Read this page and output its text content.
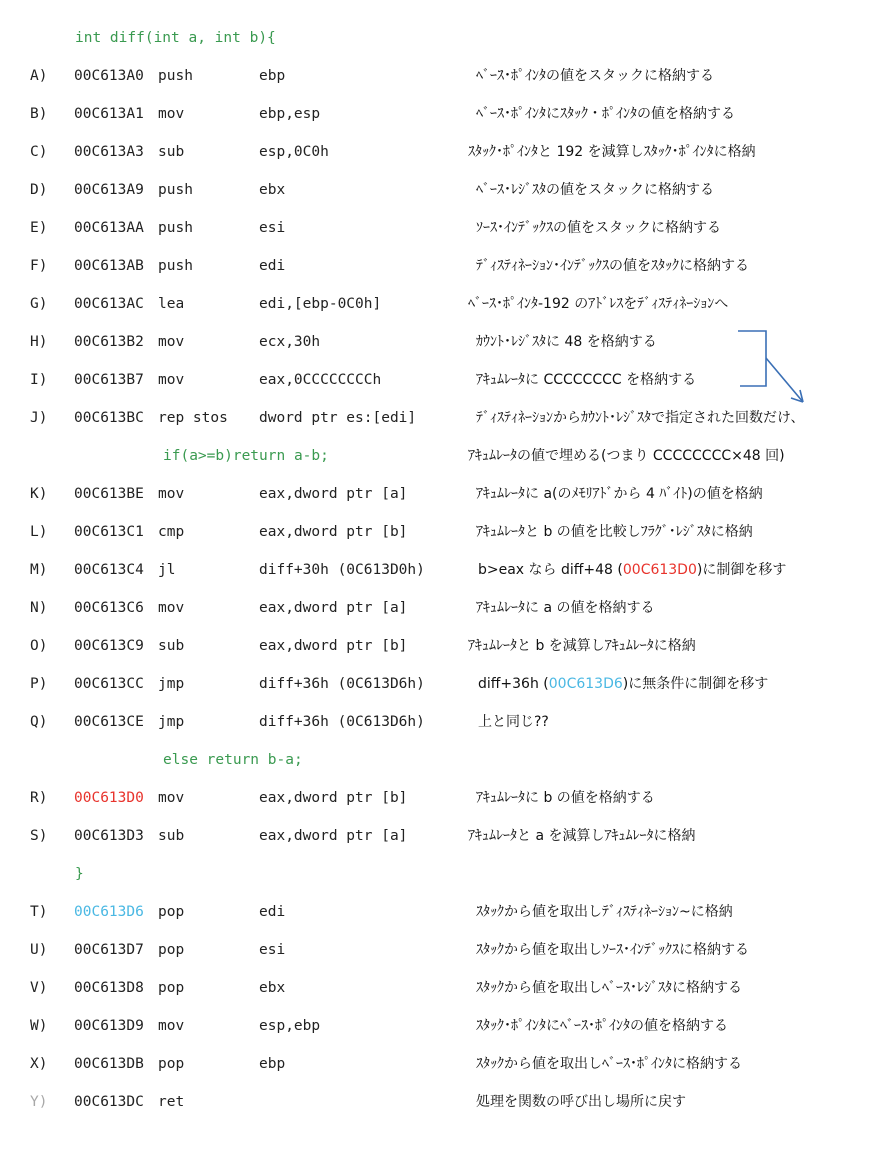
int diff(int a, int b){
A) 00C613A0 push	ebp	ﾍﾞｰｽ･ﾎﾟｲﾝﾀの値をスタックに格納する
B) 00C613A1 mov	ebp,esp	ﾍﾞｰｽ･ﾎﾟｲﾝﾀにｽﾀｯｸ・ﾎﾟｲﾝﾀの値を格納する
C) 00C613A3 sub	esp,0C0h	ｽﾀｯｸ･ﾎﾟｲﾝﾀと 192 を減算しｽﾀｯｸ･ﾎﾟｲﾝﾀに格納
D) 00C613A9 push	ebx	ﾍﾞｰｽ･ﾚｼﾞｽﾀの値をスタックに格納する
E) 00C613AA push	esi	ｿｰｽ･ｲﾝﾃﾞｯｸｽの値をスタックに格納する
F) 00C613AB push	edi	ﾃﾞｨｽﾃｨﾈｰｼｮﾝ･ｲﾝﾃﾞｯｸｽの値をｽﾀｯｸに格納する
G) 00C613AC lea	edi,[ebp-0C0h]	ﾍﾞｰｽ･ﾎﾟｲﾝﾀ-192 のｱﾄﾞﾚｽをﾃﾞｨｽﾃｨﾈｰｼｮﾝへ
H) 00C613B2 mov	ecx,30h	ｶｳﾝﾄ･ﾚｼﾞｽﾀに 48 を格納する
I) 00C613B7 mov	eax,0CCCCCCCCh	ｱｷｭﾑﾚｰﾀに CCCCCCCC を格納する
J) 00C613BC rep stos dword ptr es:[edi]	ﾃﾞｨｽﾃｨﾈｰｼｮﾝからｶｳﾝﾄ･ﾚｼﾞｽﾀで指定された回数だけ、
if(a>=b)return a-b;	ｱｷｭﾑﾚｰﾀの値で埋める(つまり CCCCCCCC×48 回)
K) 00C613BE mov	eax,dword ptr [a]	ｱｷｭﾑﾚｰﾀに a(のﾒﾓﾘｱﾄﾞから 4 ﾊﾞｲﾄ)の値を格納
L) 00C613C1 cmp	eax,dword ptr [b]	ｱｷｭﾑﾚｰﾀと b の値を比較しﾌﾗｸﾞ･ﾚｼﾞｽﾀに格納
M) 00C613C4 jl	diff+30h (0C613D0h)	b>eax なら diff+48 (00C613D0)に制御を移す
N) 00C613C6 mov	eax,dword ptr [a]	ｱｷｭﾑﾚｰﾀに a の値を格納する
O) 00C613C9 sub	eax,dword ptr [b]	ｱｷｭﾑﾚｰﾀと b を減算しｱｷｭﾑﾚｰﾀに格納
P) 00C613CC jmp	diff+36h (0C613D6h)	diff+36h (00C613D6)に無条件に制御を移す
Q) 00C613CE jmp	diff+36h (0C613D6h)	上と同じ??
else return b-a;
R) 00C613D0 mov	eax,dword ptr [b]	ｱｷｭﾑﾚｰﾀに b の値を格納する
S) 00C613D3 sub	eax,dword ptr [a]	ｱｷｭﾑﾚｰﾀと a を減算しｱｷｭﾑﾚｰﾀに格納
}
T) 00C613D6 pop	edi	ｽﾀｯｸから値を取出しﾃﾞｨｽﾃｨﾈｰｼｮﾝ~に格納
U) 00C613D7 pop	esi	ｽﾀｯｸから値を取出しｿｰｽ･ｲﾝﾃﾞｯｸｽに格納する
V) 00C613D8 pop	ebx	ｽﾀｯｸから値を取出しﾍﾞｰｽ･ﾚｼﾞｽﾀに格納する
W) 00C613D9 mov	esp,ebp	ｽﾀｯｸ･ﾎﾟｲﾝﾀにﾍﾞｰｽ･ﾎﾟｲﾝﾀの値を格納する
X) 00C613DB pop	ebp	ｽﾀｯｸから値を取出しﾍﾞｰｽ･ﾎﾟｲﾝﾀに格納する
Y) 00C613DC ret	処理を関数の呼び出し場所に戻す
